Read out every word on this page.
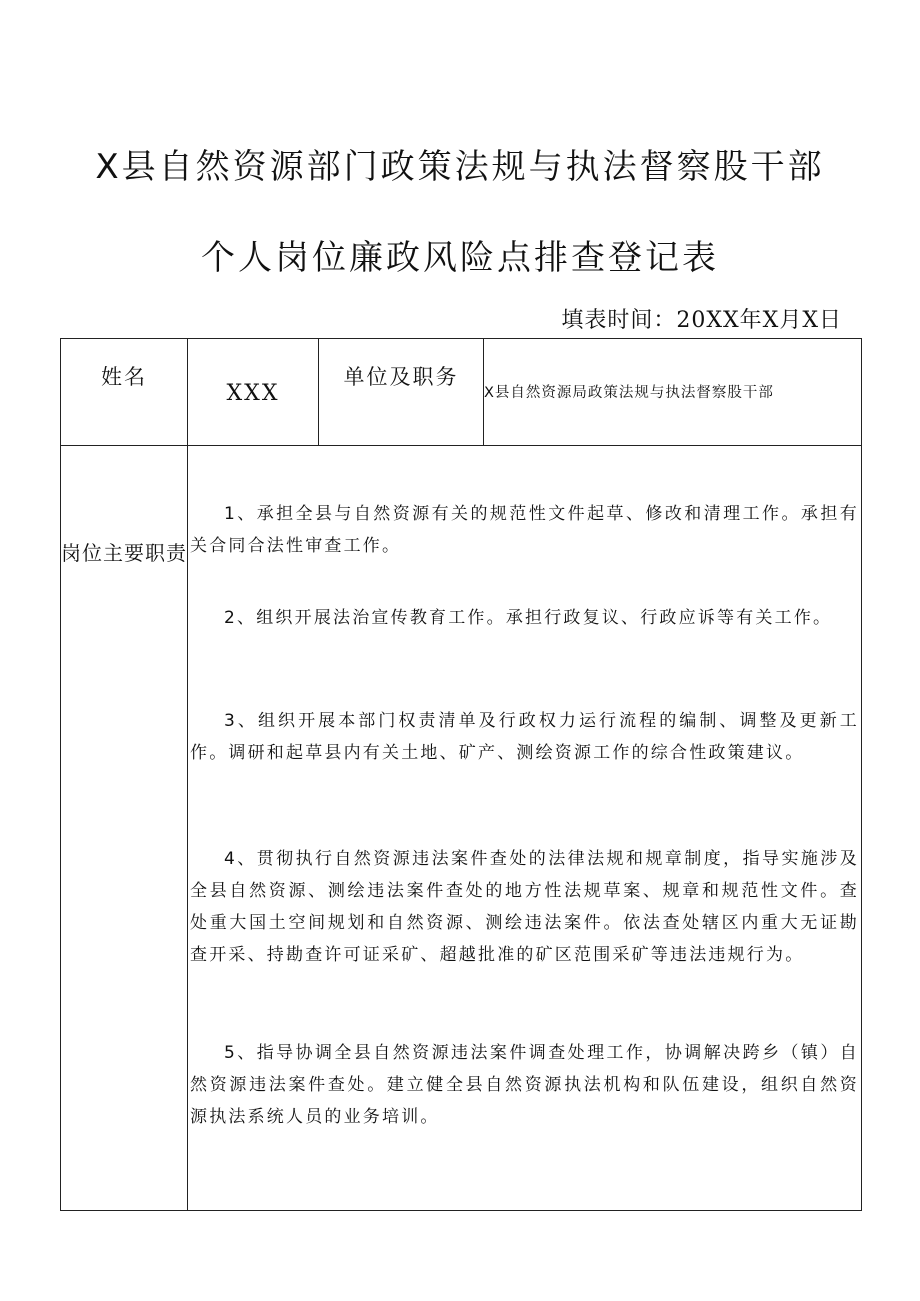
X县自然资源部门政策法规与执法督察股干部
个人岗位廉政风险点排查登记表
填表时间：20XX年X月X日
姓名	XXX	单位及职务	X县自然资源局政策法规与执法督察股干部
岗位主要职责	1、承担全县与自然资源有关的规范性文件起草、修改和清理工作。承担有关合同合法性审查工作。

2、组织开展法治宣传教育工作。承担行政复议、行政应诉等有关工作。

3、组织开展本部门权责清单及行政权力运行流程的编制、调整及更新工作。调研和起草县内有关土地、矿产、测绘资源工作的综合性政策建议。

4、贯彻执行自然资源违法案件查处的法律法规和规章制度，指导实施涉及全县自然资源、测绘违法案件查处的地方性法规草案、规章和规范性文件。查处重大国土空间规划和自然资源、测绘违法案件。依法查处辖区内重大无证勘查开采、持勘查许可证采矿、超越批准的矿区范围采矿等违法违规行为。

5、指导协调全县自然资源违法案件调查处理工作，协调解决跨乡（镇）自然资源违法案件查处。建立健全县自然资源执法机构和队伍建设，组织自然资源执法系统人员的业务培训。		
